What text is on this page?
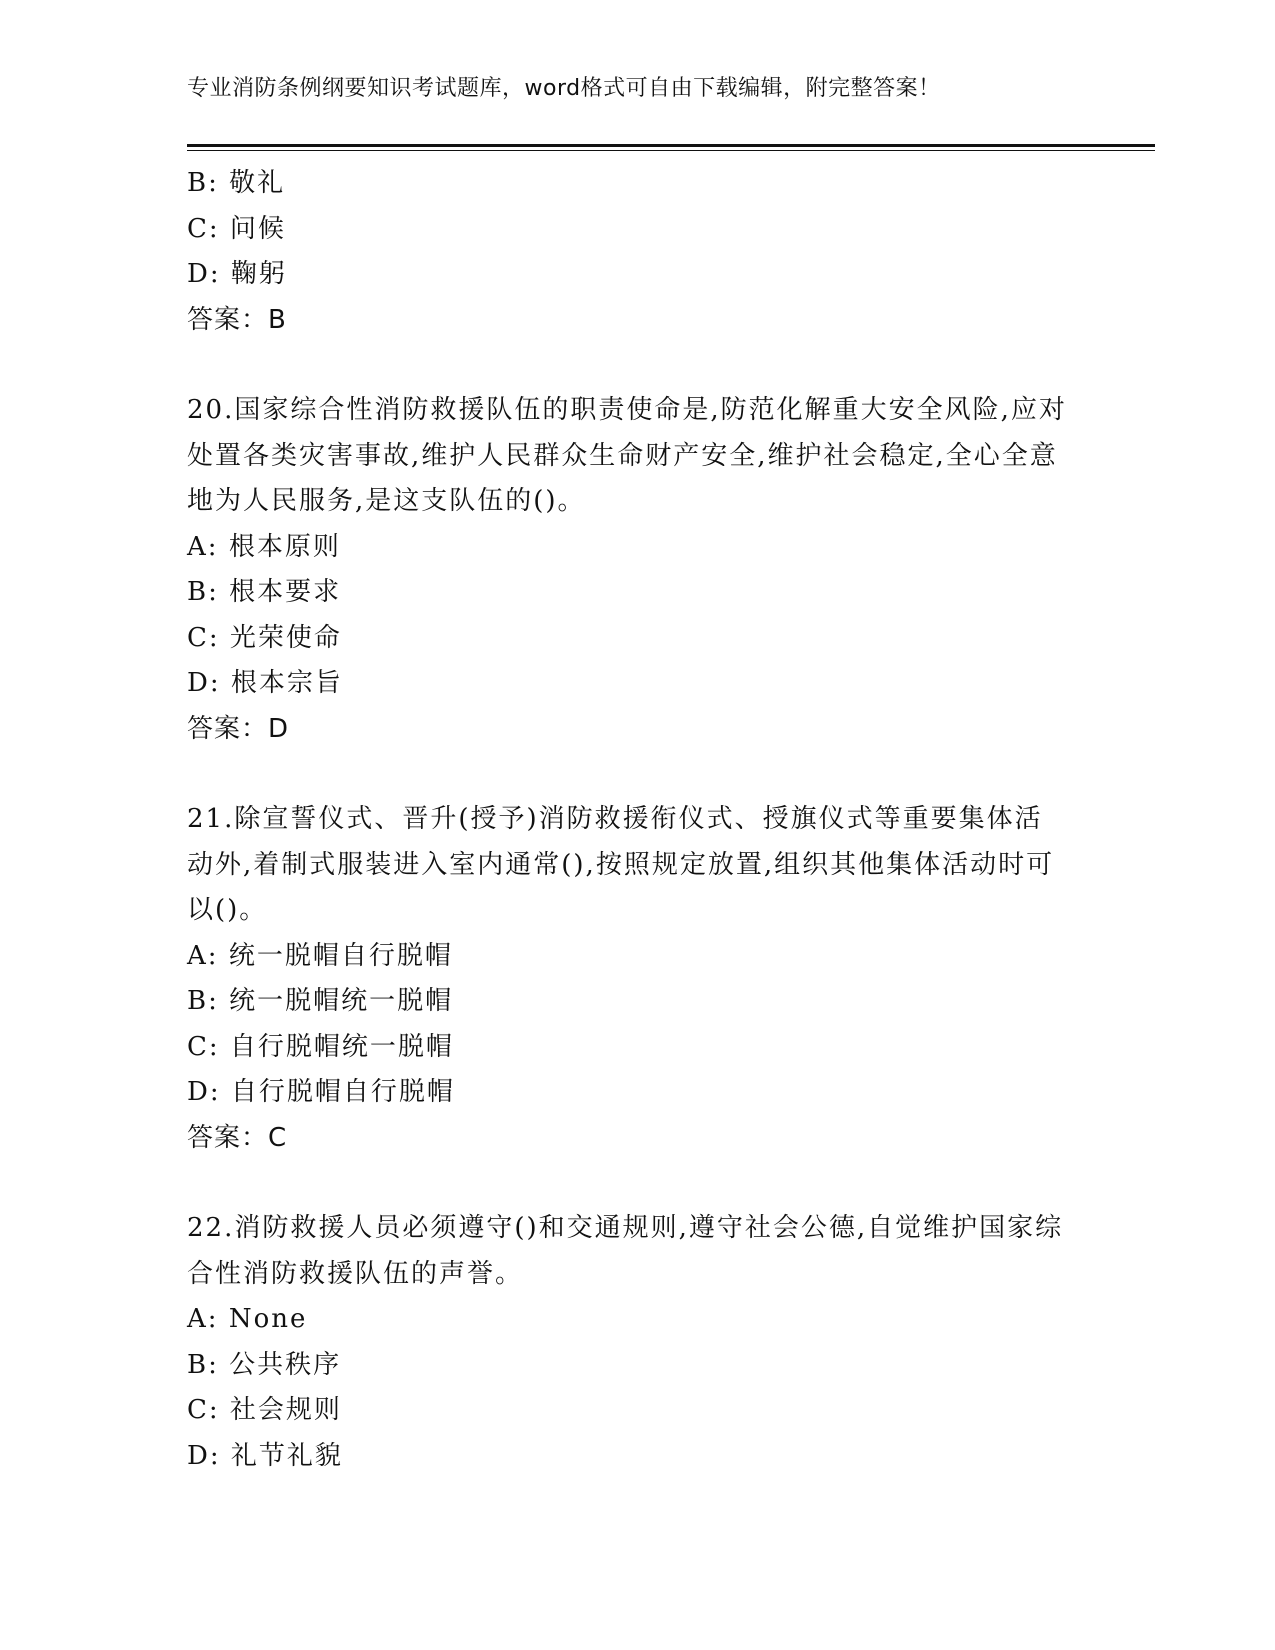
专业消防条例纲要知识考试题库，word格式可自由下载编辑，附完整答案！
B: 敬礼
C: 问候
D: 鞠躬
答案：B
20.国家综合性消防救援队伍的职责使命是,防范化解重大安全风险,应对处置各类灾害事故,维护人民群众生命财产安全,维护社会稳定,全心全意地为人民服务,是这支队伍的()。
A: 根本原则
B: 根本要求
C: 光荣使命
D: 根本宗旨
答案：D
21.除宣誓仪式、晋升(授予)消防救援衔仪式、授旗仪式等重要集体活动外,着制式服装进入室内通常(),按照规定放置,组织其他集体活动时可以()。
A: 统一脱帽自行脱帽
B: 统一脱帽统一脱帽
C: 自行脱帽统一脱帽
D: 自行脱帽自行脱帽
答案：C
22.消防救援人员必须遵守()和交通规则,遵守社会公德,自觉维护国家综合性消防救援队伍的声誉。
A: None
B: 公共秩序
C: 社会规则
D: 礼节礼貌
